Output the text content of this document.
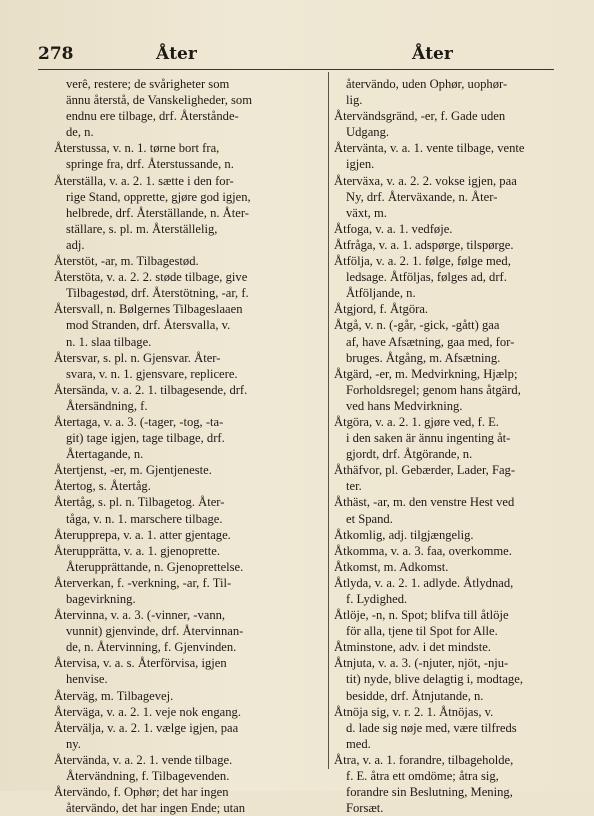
278	Åter	Åter
verê, restere; de svårigheter som
ännu återstå, de Vanskeligheder, som
endnu ere tilbage, drf. Återstånde-
de, n.
Återstussa, v. n. 1. tørne bort fra,
springe fra, drf. Återstussande, n.
Återställa, v. a. 2. 1. sætte i den for-
rige Stand, opprette, gjøre god igjen,
helbrede, drf. Återställande, n. Åter-
ställare, s. pl. m. Återställelig,
adj.
Återstöt, -ar, m. Tilbagestød.
Återstöta, v. a. 2. 2. støde tilbage, give
Tilbagestød, drf. Återstötning, -ar, f.
Återsvall, n. Bølgernes Tilbageslaaen
mod Stranden, drf. Återsvalla, v.
n. 1. slaa tilbage.
Återsvar, s. pl. n. Gjensvar. Åter-
svara, v. n. 1. gjensvare, replicere.
Återsända, v. a. 2. 1. tilbagesende, drf.
Återsändning, f.
Återtaga, v. a. 3. (-tager, -tog, -ta-
git) tage igjen, tage tilbage, drf.
Återtagande, n.
Återtjenst, -er, m. Gjentjeneste.
Återtog, s. Återtåg.
Återtåg, s. pl. n. Tilbagetog. Åter-
tåga, v. n. 1. marschere tilbage.
Återupprepa, v. a. 1. atter gjentage.
Återupprätta, v. a. 1. gjenoprette.
Återupprättande, n. Gjenoprettelse.
Återverkan, f. -verkning, -ar, f. Til-
bagevirkning.
Återvinna, v. a. 3. (-vinner, -vann,
vunnit) gjenvinde, drf. Återvinnan-
de, n. Återvinning, f. Gjenvinden.
Återvisa, v. a. s. Återförvisa, igjen
henvise.
Återväg, m. Tilbagevej.
Återväga, v. a. 2. 1. veje nok engang.
Återvälja, v. a. 2. 1. vælge igjen, paa
ny.
Återvända, v. a. 2. 1. vende tilbage.
Återvändning, f. Tilbagevenden.
Återvändo, f. Ophør; det har ingen
återvändo, det har ingen Ende; utan
återvändo, uden Ophør, uophør-
lig.
Återvändsgränd, -er, f. Gade uden
Udgang.
Återvänta, v. a. 1. vente tilbage, vente
igjen.
Återväxa, v. a. 2. 2. vokse igjen, paa
Ny, drf. Återväxande, n. Åter-
växt, m.
Åtfoga, v. a. 1. vedføje.
Åtfråga, v. a. 1. adspørge, tilspørge.
Åtfölja, v. a. 2. 1. følge, følge med,
ledsage. Åtföljas, følges ad, drf.
Åtföljande, n.
Åtgjord, f. Åtgöra.
Åtgå, v. n. (-går, -gick, -gått) gaa
af, have Afsætning, gaa med, for-
bruges. Åtgång, m. Afsætning.
Åtgärd, -er, m. Medvirkning, Hjælp;
Forholdsregel; genom hans åtgärd,
ved hans Medvirkning.
Åtgöra, v. a. 2. 1. gjøre ved, f. E.
i den saken är ännu ingenting åt-
gjordt, drf. Åtgörande, n.
Åthäfvor, pl. Gebærder, Lader, Fag-
ter.
Åthäst, -ar, m. den venstre Hest ved
et Spand.
Åtkomlig, adj. tilgjængelig.
Åtkomma, v. a. 3. faa, overkomme.
Åtkomst, m. Adkomst.
Åtlyda, v. a. 2. 1. adlyde. Åtlydnad,
f. Lydighed.
Åtlöje, -n, n. Spot; blifva till åtlöje
för alla, tjene til Spot for Alle.
Åtminstone, adv. i det mindste.
Åtnjuta, v. a. 3. (-njuter, njöt, -nju-
tit) nyde, blive delagtig i, modtage,
besidde, drf. Åtnjutande, n.
Åtnöja sig, v. r. 2. 1. Åtnöjas, v.
d. lade sig nøje med, være tilfreds
med.
Åtra, v. a. 1. forandre, tilbageholde,
f. E. åtra ett omdöme; åtra sig,
forandre sin Beslutning, Mening,
Forsæt.
